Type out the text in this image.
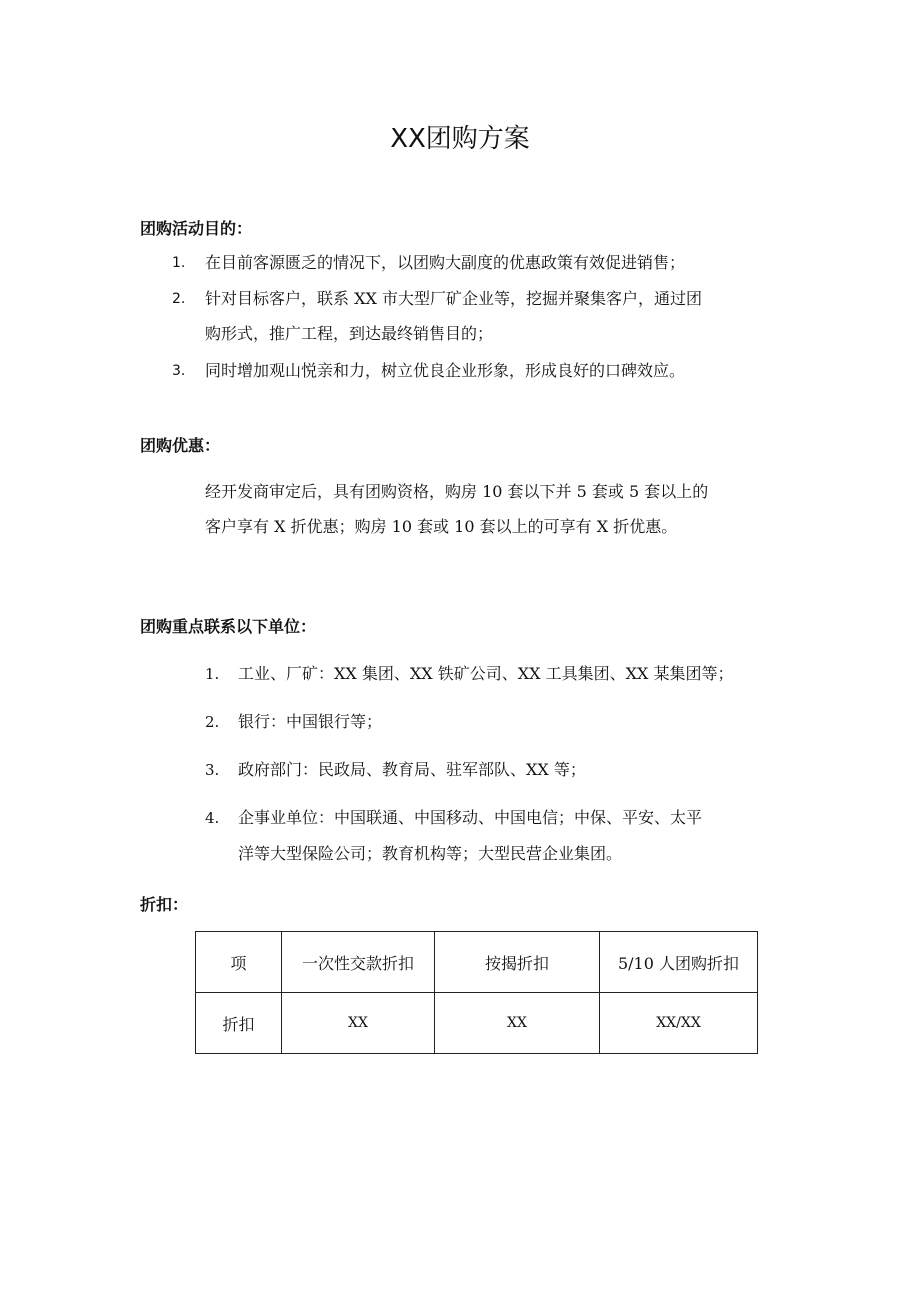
XX团购方案
团购活动目的：
1. 在目前客源匮乏的情况下，以团购大副度的优惠政策有效促进销售；
2. 针对目标客户，联系 XX 市大型厂矿企业等，挖掘并聚集客户，通过团
购形式，推广工程，到达最终销售目的；
3. 同时增加观山悦亲和力，树立优良企业形象，形成良好的口碑效应。
团购优惠：
经开发商审定后，具有团购资格，购房 10 套以下并 5 套或 5 套以上的
客户享有 X 折优惠；购房 10 套或 10 套以上的可享有 X 折优惠。
团购重点联系以下单位：
1. 工业、厂矿：XX 集团、XX 铁矿公司、XX 工具集团、XX 某集团等；
2. 银行：中国银行等；
3. 政府部门：民政局、教育局、驻军部队、XX 等；
4. 企事业单位：中国联通、中国移动、中国电信；中保、平安、太平
洋等大型保险公司；教育机构等；大型民营企业集团。
折扣：
项	一次性交款折扣	按揭折扣	5/10 人团购折扣
折扣	XX	XX	XX/XX
